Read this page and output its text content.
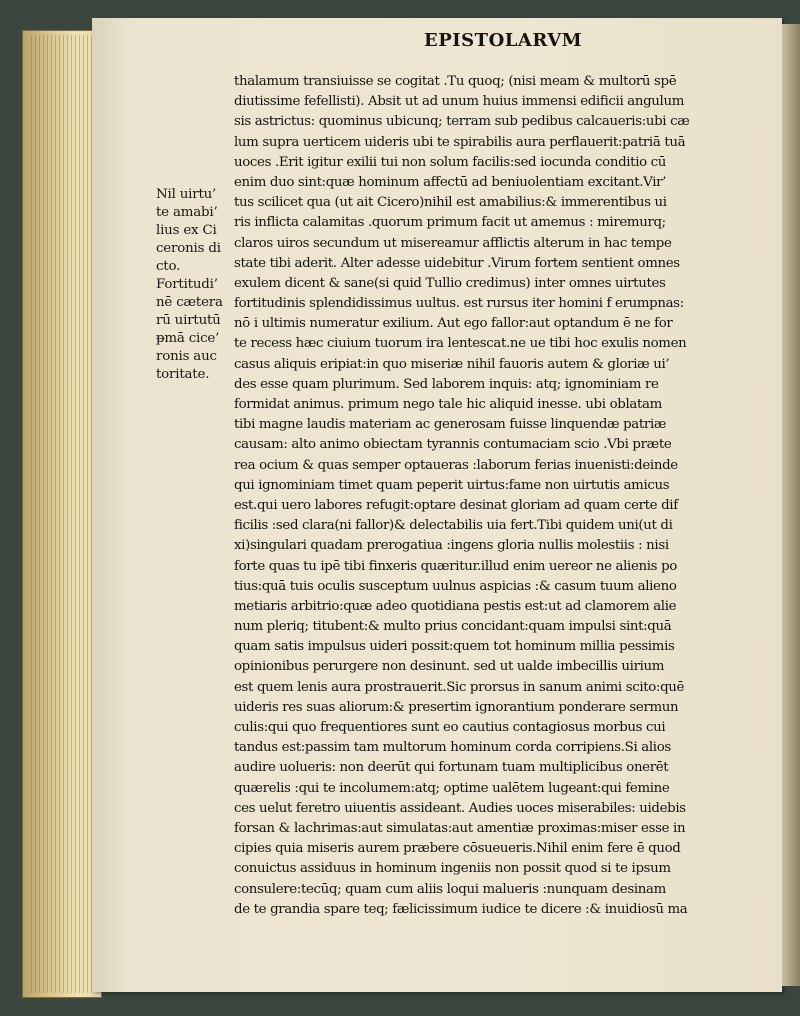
EPISTOLARVM
Nil uirtu’
te amabi’
lius ex Ci
ceronis di
cto.
Fortitudi’
nē cætera
rū uirtutū
ᵽmā cice’
ronis auc
toritate.
thalamum transiuisse se cogitat .Tu quoq; (nisi meam & multorū spē
diutissime fefellisti). Absit ut ad unum huius immensi edificii angulum
sis astrictus: quominus ubicunq; terram sub pedibus calcaueris:ubi cæ
lum supra uerticem uideris ubi te spirabilis aura perflauerit:patriā tuā
uoces .Erit igitur exilii tui non solum facilis:sed iocunda conditio cū
enim duo sint:quæ hominum affectū ad beniuolentiam excitant.Vir’
tus scilicet qua (ut ait Cicero)nihil est amabilius:& immerentibus ui
ris inflicta calamitas .quorum primum facit ut amemus : miremurq;
claros uiros secundum ut misereamur afflictis alterum in hac tempe
state tibi aderit. Alter adesse uidebitur .Virum fortem sentient omnes
exulem dicent & sane(si quid Tullio credimus) inter omnes uirtutes
fortitudinis splendidissimus uultus. est rursus iter homini f erumpnas:
nō i ultimis numeratur exilium. Aut ego fallor:aut optandum ē ne for
te recess hæc ciuium tuorum ira lentescat.ne ue tibi hoc exulis nomen
casus aliquis eripiat:in quo miseriæ nihil fauoris autem & gloriæ ui’
des esse quam plurimum. Sed laborem inquis: atq; ignominiam re
formidat animus. primum nego tale hic aliquid inesse. ubi oblatam
tibi magne laudis materiam ac generosam fuisse linquendæ patriæ
causam: alto animo obiectam tyrannis contumaciam scio .Vbi præte
rea ocium & quas semper optaueras :laborum ferias inuenisti:deinde
qui ignominiam timet quam peperit uirtus:fame non uirtutis amicus
est.qui uero labores refugit:optare desinat gloriam ad quam certe dif
ficilis :sed clara(ni fallor)& delectabilis uia fert.Tibi quidem uni(ut di
xi)singulari quadam prerogatiua :ingens gloria nullis molestiis : nisi
forte quas tu ipē tibi finxeris quæritur.illud enim uereor ne alienis po
tius:quā tuis oculis susceptum uulnus aspicias :& casum tuum alieno
metiaris arbitrio:quæ adeo quotidiana pestis est:ut ad clamorem alie
num pleriq; titubent:& multo prius concidant:quam impulsi sint:quā
quam satis impulsus uideri possit:quem tot hominum millia pessimis
opinionibus perurgere non desinunt. sed ut ualde imbecillis uirium
est quem lenis aura prostrauerit.Sic prorsus in sanum animi scito:quē
uideris res suas aliorum:& presertim ignorantium ponderare sermun
culis:qui quo frequentiores sunt eo cautius contagiosus morbus cui
tandus est:passim tam multorum hominum corda corripiens.Si alios
audire uolueris: non deerūt qui fortunam tuam multiplicibus onerēt
quærelis :qui te incolumem:atq; optime ualētem lugeant:qui femine
ces uelut feretro uiuentis assideant. Audies uoces miserabiles: uidebis
forsan & lachrimas:aut simulatas:aut amentiæ proximas:miser esse in
cipies quia miseris aurem præbere cōsueueris.Nihil enim fere ē quod
conuictus assiduus in hominum ingeniis non possit quod si te ipsum
consulere:tecūq; quam cum aliis loqui malueris :nunquam desinam
de te grandia spare teq; fælicissimum iudice te dicere :& inuidiosū ma
